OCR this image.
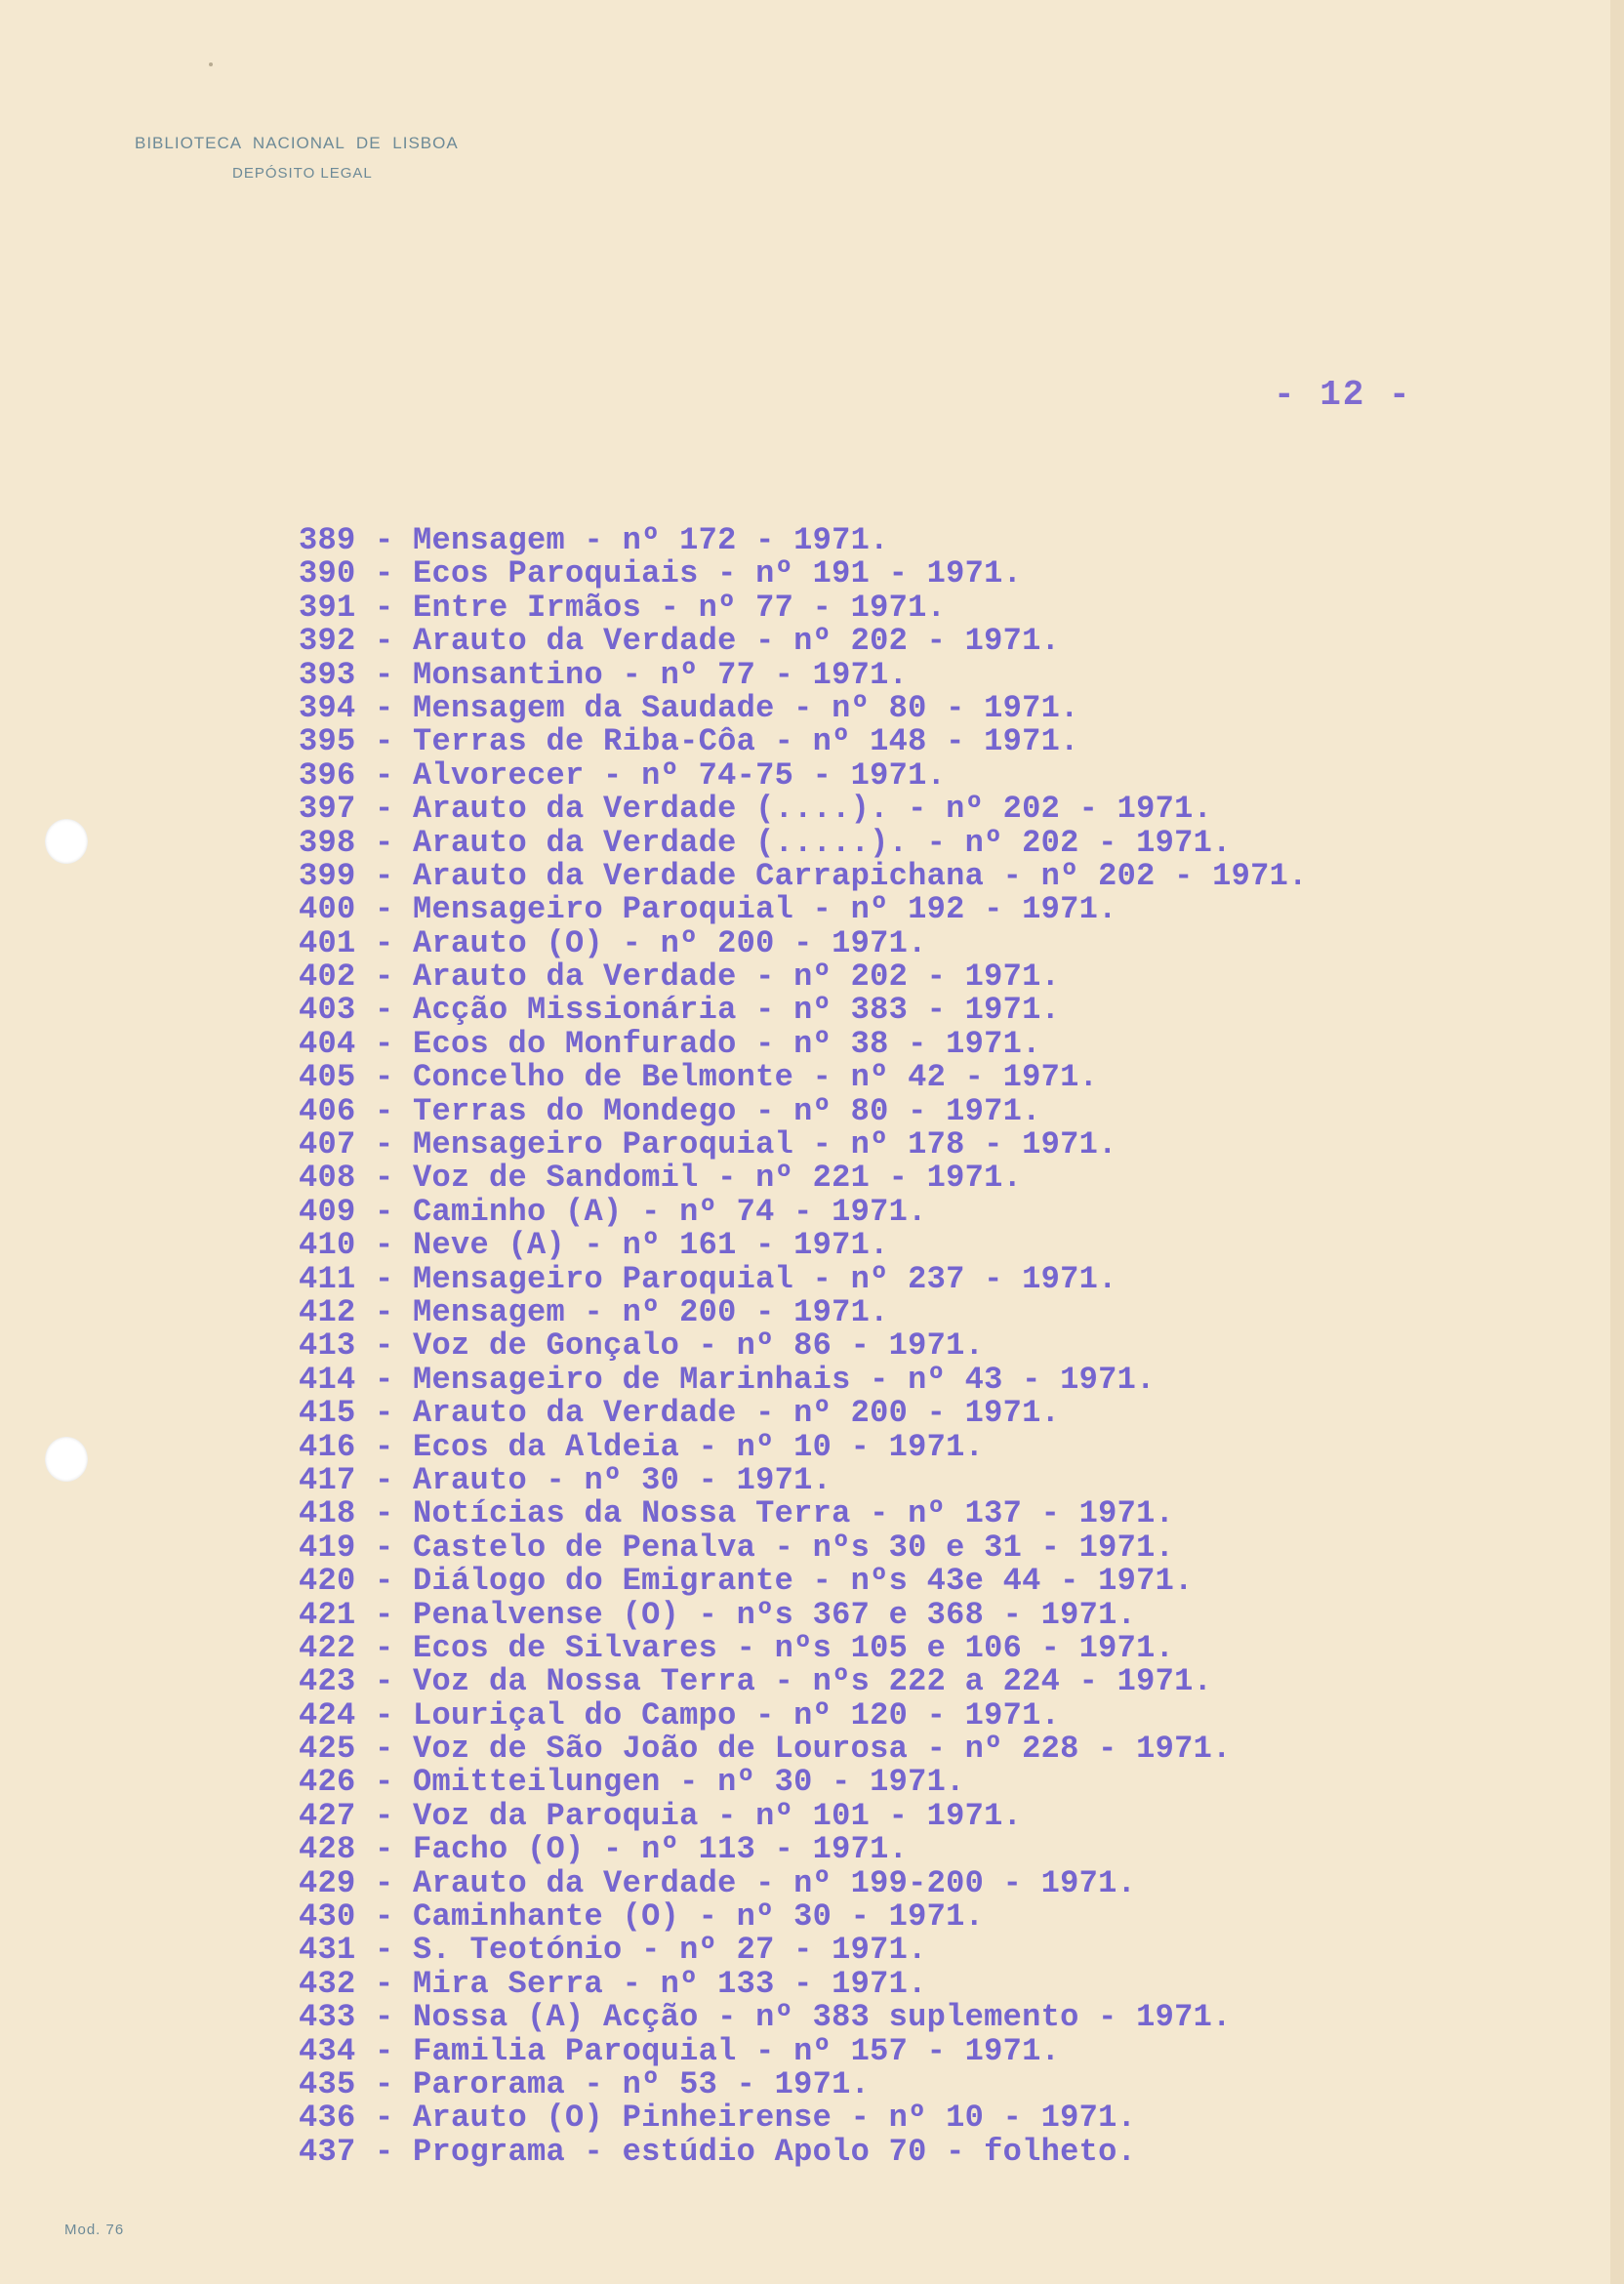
BIBLIOTECA NACIONAL DE LISBOA
DEPÓSITO LEGAL
- 12 -
389 - Mensagem - nº 172 - 1971.
390 - Ecos Paroquiais - nº 191 - 1971.
391 - Entre Irmãos - nº 77 - 1971.
392 - Arauto da Verdade - nº 202 - 1971.
393 - Monsantino - nº 77 - 1971.
394 - Mensagem da Saudade - nº 80 - 1971.
395 - Terras de Riba-Côa - nº 148 - 1971.
396 - Alvorecer - nº 74-75 - 1971.
397 - Arauto da Verdade (....). - nº 202 - 1971.
398 - Arauto da Verdade (.....). - nº 202 - 1971.
399 - Arauto da Verdade Carrapichana - nº 202 - 1971.
400 - Mensageiro Paroquial - nº 192 - 1971.
401 - Arauto (O) - nº 200 - 1971.
402 - Arauto da Verdade - nº 202 - 1971.
403 - Acção Missionária - nº 383 - 1971.
404 - Ecos do Monfurado - nº 38 - 1971.
405 - Concelho de Belmonte - nº 42 - 1971.
406 - Terras do Mondego - nº 80 - 1971.
407 - Mensageiro Paroquial - nº 178 - 1971.
408 - Voz de Sandomil - nº 221 - 1971.
409 - Caminho (A) - nº 74 - 1971.
410 - Neve (A) - nº 161 - 1971.
411 - Mensageiro Paroquial - nº 237 - 1971.
412 - Mensagem - nº 200 - 1971.
413 - Voz de Gonçalo - nº 86 - 1971.
414 - Mensageiro de Marinhais - nº 43 - 1971.
415 - Arauto da Verdade - nº 200 - 1971.
416 - Ecos da Aldeia - nº 10 - 1971.
417 - Arauto - nº 30 - 1971.
418 - Notícias da Nossa Terra - nº 137 - 1971.
419 - Castelo de Penalva - nºs 30 e 31 - 1971.
420 - Diálogo do Emigrante - nºs 43e 44 - 1971.
421 - Penalvense (O) - nºs 367 e 368 - 1971.
422 - Ecos de Silvares - nºs 105 e 106 - 1971.
423 - Voz da Nossa Terra - nºs 222 a 224 - 1971.
424 - Louriçal do Campo - nº 120 - 1971.
425 - Voz de São João de Lourosa - nº 228 - 1971.
426 - Omitteilungen - nº 30 - 1971.
427 - Voz da Paroquia - nº 101 - 1971.
428 - Facho (O) - nº 113 - 1971.
429 - Arauto da Verdade - nº 199-200 - 1971.
430 - Caminhante (O) - nº 30 - 1971.
431 - S. Teotónio - nº 27 - 1971.
432 - Mira Serra - nº 133 - 1971.
433 - Nossa (A) Acção - nº 383 suplemento - 1971.
434 - Familia Paroquial - nº 157 - 1971.
435 - Parorama - nº 53 - 1971.
436 - Arauto (O) Pinheirense - nº 10 - 1971.
437 - Programa - estúdio Apolo 70 - folheto.
Mod. 76
